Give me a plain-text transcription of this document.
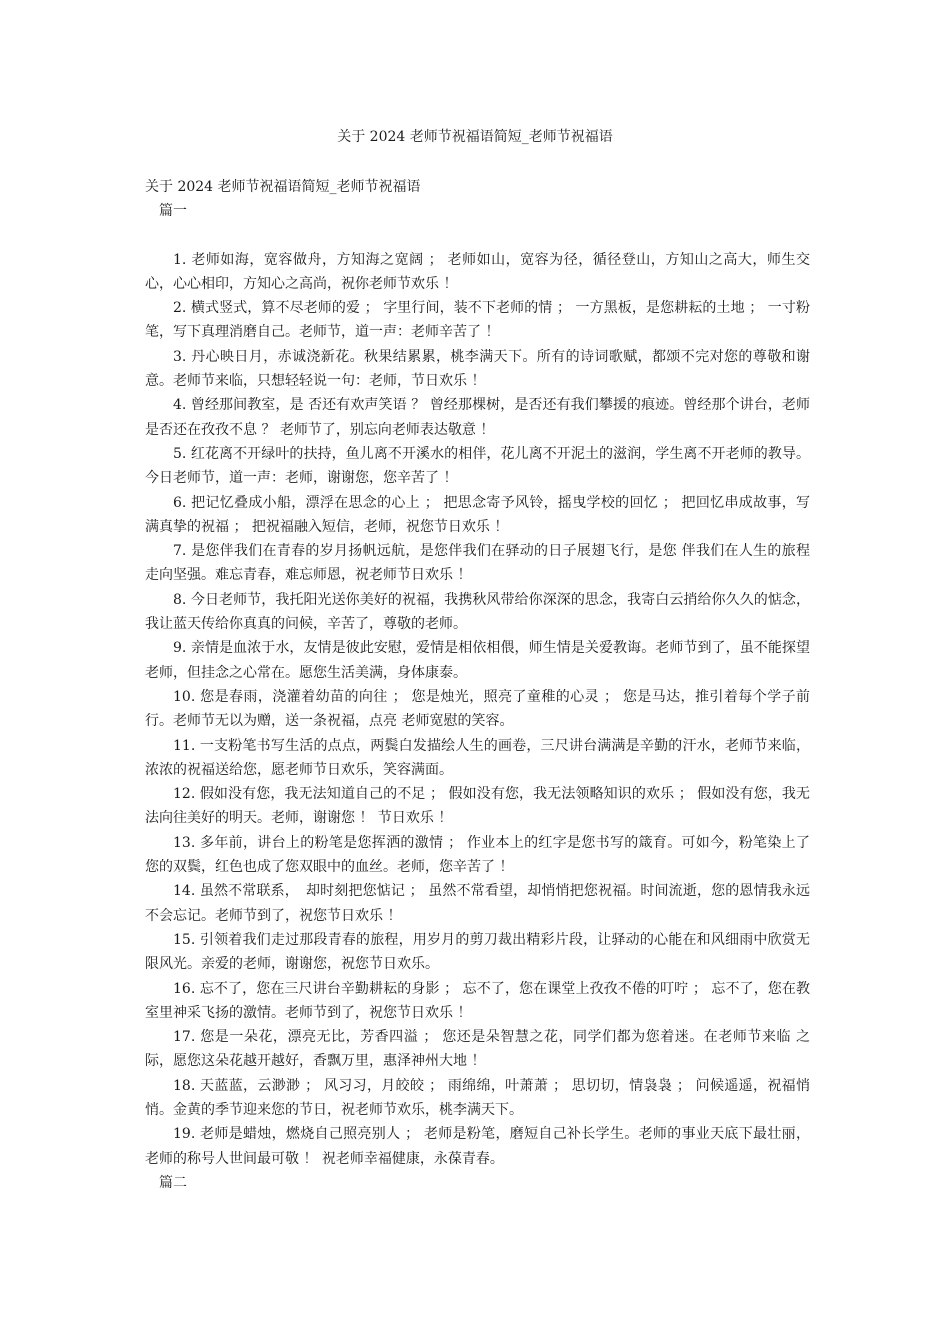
关于 2024 老师节祝福语简短_老师节祝福语

关于 2024 老师节祝福语简短_老师节祝福语

篇一

1. 老师如海，宽容做舟，方知海之宽阔 ； 老师如山，宽容为径，循径登山，方知山之高大，师生交心，心心相印，方知心之高尚，祝你老师节欢乐 ！

2. 横式竖式，算不尽老师的爱 ； 字里行间，装不下老师的情 ； 一方黑板，是您耕耘的土地 ； 一寸粉笔，写下真理消磨自己。老师节，道一声：老师辛苦了 ！

3. 丹心映日月，赤诚浇新花。秋果结累累，桃李满天下。所有的诗词歌赋，都颂不完对您的尊敬和谢意。老师节来临，只想轻轻说一句：老师，节日欢乐 ！

4. 曾经那间教室，是 否还有欢声笑语 ？ 曾经那棵树，是否还有我们攀援的痕迹。曾经那个讲台，老师是否还在孜孜不息 ？ 老师节了，别忘向老师表达敬意 ！

5. 红花离不开绿叶的扶持，鱼儿离不开溪水的相伴，花儿离不开泥土的滋润，学生离不开老师的教导。今日老师节，道一声：老师，谢谢您，您辛苦了 ！

6. 把记忆叠成小船，漂浮在思念的心上 ； 把思念寄予风铃，摇曳学校的回忆 ； 把回忆串成故事，写满真挚的祝福 ； 把祝福融入短信，老师，祝您节日欢乐 ！

7. 是您伴我们在青春的岁月扬帆远航，是您伴我们在驿动的日子展翅飞行，是您 伴我们在人生的旅程走向坚强。难忘青春，难忘师恩，祝老师节日欢乐 ！

8. 今日老师节，我托阳光送你美好的祝福，我携秋风带给你深深的思念，我寄白云捎给你久久的惦念，我让蓝天传给你真真的问候，辛苦了，尊敬的老师。

9. 亲情是血浓于水，友情是彼此安慰，爱情是相依相偎，师生情是关爱教诲。老师节到了，虽不能探望老师，但挂念之心常在。愿您生活美满，身体康泰。

10. 您是春雨，浇灌着幼苗的向往 ； 您是烛光，照亮了童稚的心灵 ； 您是马达，推引着每个学子前行。老师节无以为赠，送一条祝福，点亮 老师宽慰的笑容。

11. 一支粉笔书写生活的点点，两鬓白发描绘人生的画卷，三尺讲台满满是辛勤的汗水，老师节来临，浓浓的祝福送给您，愿老师节日欢乐，笑容满面。

12. 假如没有您，我无法知道自己的不足 ； 假如没有您，我无法领略知识的欢乐 ； 假如没有您，我无法向往美好的明天。老师，谢谢您 ！ 节日欢乐 ！

13. 多年前，讲台上的粉笔是您挥洒的激情 ； 作业本上的红字是您书写的箴育。可如今，粉笔染上了您的双鬓，红色也成了您双眼中的血丝。老师，您辛苦了 ！

14. 虽然不常联系，　却时刻把您惦记 ； 虽然不常看望，却悄悄把您祝福。时间流逝，您的恩情我永远不会忘记。老师节到了，祝您节日欢乐 ！

15. 引领着我们走过那段青春的旅程，用岁月的剪刀裁出精彩片段，让驿动的心能在和风细雨中欣赏无限风光。亲爱的老师，谢谢您，祝您节日欢乐。

16. 忘不了，您在三尺讲台辛勤耕耘的身影 ； 忘不了，您在课堂上孜孜不倦的叮咛 ； 忘不了，您在教室里神采飞扬的激情。老师节到了，祝您节日欢乐 ！

17. 您是一朵花，漂亮无比，芳香四溢 ； 您还是朵智慧之花，同学们都为您着迷。在老师节来临 之际，愿您这朵花越开越好，香飘万里，惠泽神州大地 ！

18. 天蓝蓝，云渺渺 ； 风习习，月皎皎 ； 雨绵绵，叶萧萧 ； 思切切，情袅袅 ； 问候遥遥，祝福悄悄。金黄的季节迎来您的节日，祝老师节欢乐，桃李满天下。

19. 老师是蜡烛，燃烧自己照亮别人 ； 老师是粉笔，磨短自己补长学生。老师的事业天底下最壮丽，老师的称号人世间最可敬 ！ 祝老师幸福健康，永葆青春。

篇二
